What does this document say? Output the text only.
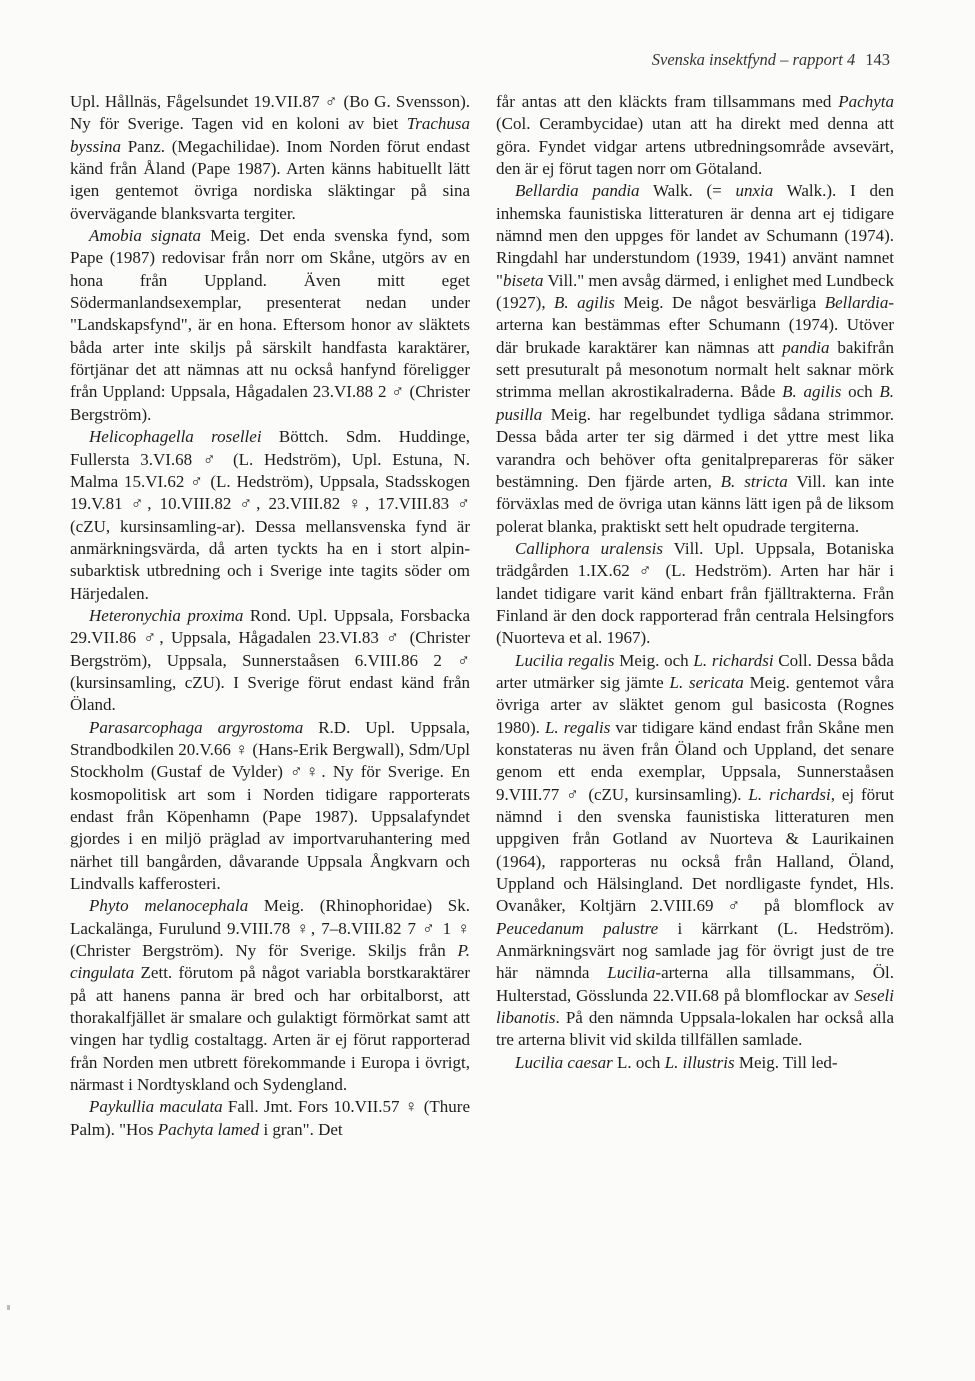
Svenska insektfynd – rapport 4 143

Upl. Hållnäs, Fågelsundet 19.VII.87 ♂ (Bo G. Svensson). Ny för Sverige. Tagen vid en koloni av biet Trachusa byssina Panz. (Megachilidae). Inom Norden förut endast känd från Åland (Pape 1987). Arten känns habituellt lätt igen gentemot övriga nordiska släktingar på sina övervägande blanksvarta tergiter.

Amobia signata Meig. Det enda svenska fynd, som Pape (1987) redovisar från norr om Skåne, utgörs av en hona från Uppland. Även mitt eget Södermanlandsexemplar, presenterat nedan under "Landskapsfynd", är en hona. Eftersom honor av släktets båda arter inte skiljs på särskilt handfasta karaktärer, förtjänar det att nämnas att nu också hanfynd föreligger från Uppland: Uppsala, Hågadalen 23.VI.88 2 ♂ (Christer Bergström).

Helicophagella rosellei Böttch. Sdm. Huddinge, Fullersta 3.VI.68 ♂ (L. Hedström), Upl. Estuna, N. Malma 15.VI.62 ♂ (L. Hedström), Uppsala, Stadsskogen 19.V.81 ♂, 10.VIII.82 ♂, 23.VIII.82 ♀, 17.VIII.83 ♂ (cZU, kursinsamling-ar). Dessa mellansvenska fynd är anmärkningsvärda, då arten tyckts ha en i stort alpin-subarktisk utbredning och i Sverige inte tagits söder om Härjedalen.

Heteronychia proxima Rond. Upl. Uppsala, Forsbacka 29.VII.86 ♂, Uppsala, Hågadalen 23.VI.83 ♂ (Christer Bergström), Uppsala, Sunnerstaåsen 6.VIII.86 2 ♂ (kursinsamling, cZU). I Sverige förut endast känd från Öland.

Parasarcophaga argyrostoma R.D. Upl. Uppsala, Strandbodkilen 20.V.66 ♀ (Hans-Erik Bergwall), Sdm/Upl Stockholm (Gustaf de Vylder) ♂♀. Ny för Sverige. En kosmopolitisk art som i Norden tidigare rapporterats endast från Köpenhamn (Pape 1987). Uppsalafyndet gjordes i en miljö präglad av importvaruhantering med närhet till bangården, dåvarande Uppsala Ångkvarn och Lindvalls kafferosteri.

Phyto melanocephala Meig. (Rhinophoridae) Sk. Lackalänga, Furulund 9.VIII.78 ♀, 7–8.VIII.82 7 ♂ 1 ♀ (Christer Bergström). Ny för Sverige. Skiljs från P. cingulata Zett. förutom på något variabla borstkaraktärer på att hanens panna är bred och har orbitalborst, att thorakalfjället är smalare och gulaktigt förmörkat samt att vingen har tydlig costaltagg. Arten är ej förut rapporterad från Norden men utbrett förekommande i Europa i övrigt, närmast i Nordtyskland och Sydengland.

Paykullia maculata Fall. Jmt. Fors 10.VII.57 ♀ (Thure Palm). "Hos Pachyta lamed i gran". Det

får antas att den kläckts fram tillsammans med Pachyta (Col. Cerambycidae) utan att ha direkt med denna att göra. Fyndet vidgar artens utbredningsområde avsevärt, den är ej förut tagen norr om Götaland.

Bellardia pandia Walk. (= unxia Walk.). I den inhemska faunistiska litteraturen är denna art ej tidigare nämnd men den uppges för landet av Schumann (1974). Ringdahl har understundom (1939, 1941) använt namnet "biseta Vill." men avsåg därmed, i enlighet med Lundbeck (1927), B. agilis Meig. De något besvärliga Bellardia-arterna kan bestämmas efter Schumann (1974). Utöver där brukade karaktärer kan nämnas att pandia bakifrån sett presuturalt på mesonotum normalt helt saknar mörk strimma mellan akrostikalraderna. Både B. agilis och B. pusilla Meig. har regelbundet tydliga sådana strimmor. Dessa båda arter ter sig därmed i det yttre mest lika varandra och behöver ofta genitalprepareras för säker bestämning. Den fjärde arten, B. stricta Vill. kan inte förväxlas med de övriga utan känns lätt igen på de liksom polerat blanka, praktiskt sett helt opudrade tergiterna.

Calliphora uralensis Vill. Upl. Uppsala, Botaniska trädgården 1.IX.62 ♂ (L. Hedström). Arten har här i landet tidigare varit känd enbart från fjälltrakterna. Från Finland är den dock rapporterad från centrala Helsingfors (Nuorteva et al. 1967).

Lucilia regalis Meig. och L. richardsi Coll. Dessa båda arter utmärker sig jämte L. sericata Meig. gentemot våra övriga arter av släktet genom gul basicosta (Rognes 1980). L. regalis var tidigare känd endast från Skåne men konstateras nu även från Öland och Uppland, det senare genom ett enda exemplar, Uppsala, Sunnerstaåsen 9.VIII.77 ♂ (cZU, kursinsamling). L. richardsi, ej förut nämnd i den svenska faunistiska litteraturen men uppgiven från Gotland av Nuorteva & Laurikainen (1964), rapporteras nu också från Halland, Öland, Uppland och Hälsingland. Det nordligaste fyndet, Hls. Ovanåker, Koltjärn 2.VIII.69 ♂ på blomflock av Peucedanum palustre i kärrkant (L. Hedström). Anmärkningsvärt nog samlade jag för övrigt just de tre här nämnda Lucilia-arterna alla tillsammans, Öl. Hulterstad, Gösslunda 22.VII.68 på blomflockar av Seseli libanotis. På den nämnda Uppsala-lokalen har också alla tre arterna blivit vid skilda tillfällen samlade.

Lucilia caesar L. och L. illustris Meig. Till led-
